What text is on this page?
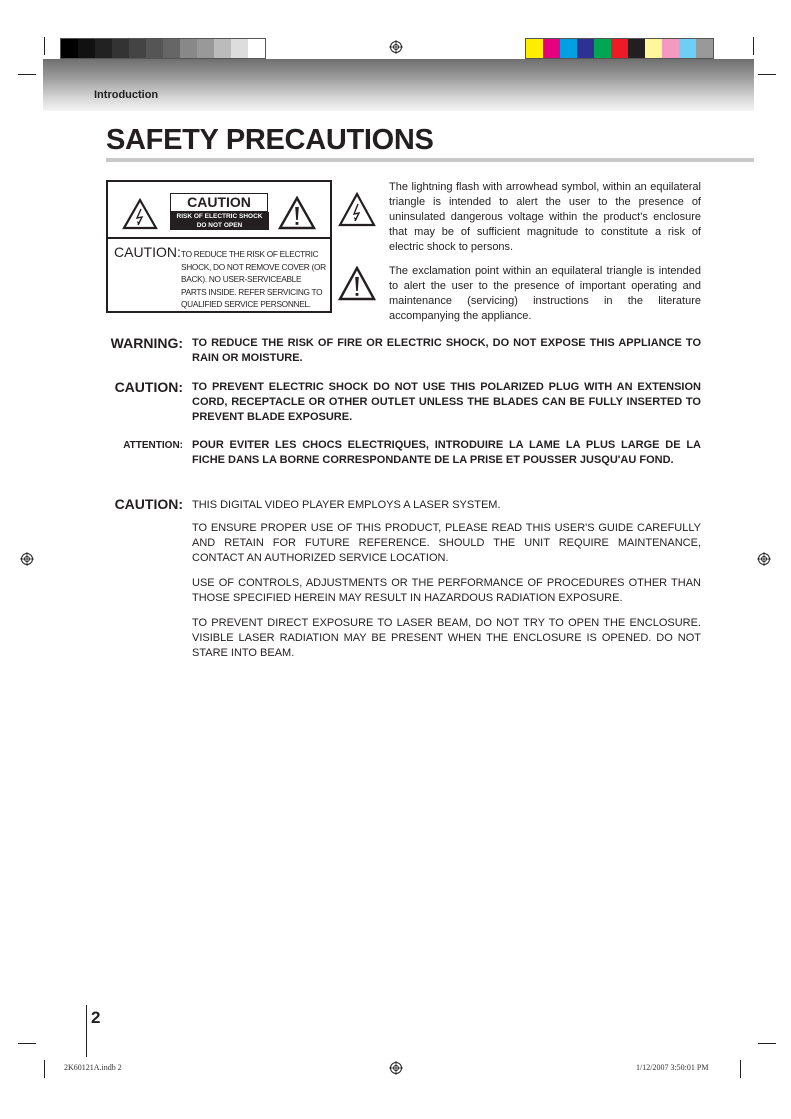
Introduction
SAFETY PRECAUTIONS
CAUTION
RISK OF ELECTRIC SHOCK
DO NOT OPEN
CAUTION: TO REDUCE THE RISK OF ELECTRIC SHOCK, DO NOT REMOVE COVER (OR BACK). NO USER-SERVICEABLE PARTS INSIDE. REFER SERVICING TO QUALIFIED SERVICE PERSONNEL.
The lightning flash with arrowhead symbol, within an equilateral triangle is intended to alert the user to the presence of uninsulated dangerous voltage within the product's enclosure that may be of sufficient magnitude to constitute a risk of electric shock to persons.
The exclamation point within an equilateral triangle is intended to alert the user to the presence of important operating and maintenance (servicing) instructions in the literature accompanying the appliance.
WARNING: TO REDUCE THE RISK OF FIRE OR ELECTRIC SHOCK, DO NOT EXPOSE THIS APPLIANCE TO RAIN OR MOISTURE.
CAUTION: TO PREVENT ELECTRIC SHOCK DO NOT USE THIS POLARIZED PLUG WITH AN EXTENSION CORD, RECEPTACLE OR OTHER OUTLET UNLESS THE BLADES CAN BE FULLY INSERTED TO PREVENT BLADE EXPOSURE.
ATTENTION: POUR EVITER LES CHOCS ELECTRIQUES, INTRODUIRE LA LAME LA PLUS LARGE DE LA FICHE DANS LA BORNE CORRESPONDANTE DE LA PRISE ET POUSSER JUSQU'AU FOND.
CAUTION: THIS DIGITAL VIDEO PLAYER EMPLOYS A LASER SYSTEM.
TO ENSURE PROPER USE OF THIS PRODUCT, PLEASE READ THIS USER'S GUIDE CAREFULLY AND RETAIN FOR FUTURE REFERENCE. SHOULD THE UNIT REQUIRE MAINTENANCE, CONTACT AN AUTHORIZED SERVICE LOCATION.
USE OF CONTROLS, ADJUSTMENTS OR THE PERFORMANCE OF PROCEDURES OTHER THAN THOSE SPECIFIED HEREIN MAY RESULT IN HAZARDOUS RADIATION EXPOSURE.
TO PREVENT DIRECT EXPOSURE TO LASER BEAM, DO NOT TRY TO OPEN THE ENCLOSURE. VISIBLE LASER RADIATION MAY BE PRESENT WHEN THE ENCLOSURE IS OPENED. DO NOT STARE INTO BEAM.
2
2K60121A.indb 2	1/12/2007 3:50:01 PM
